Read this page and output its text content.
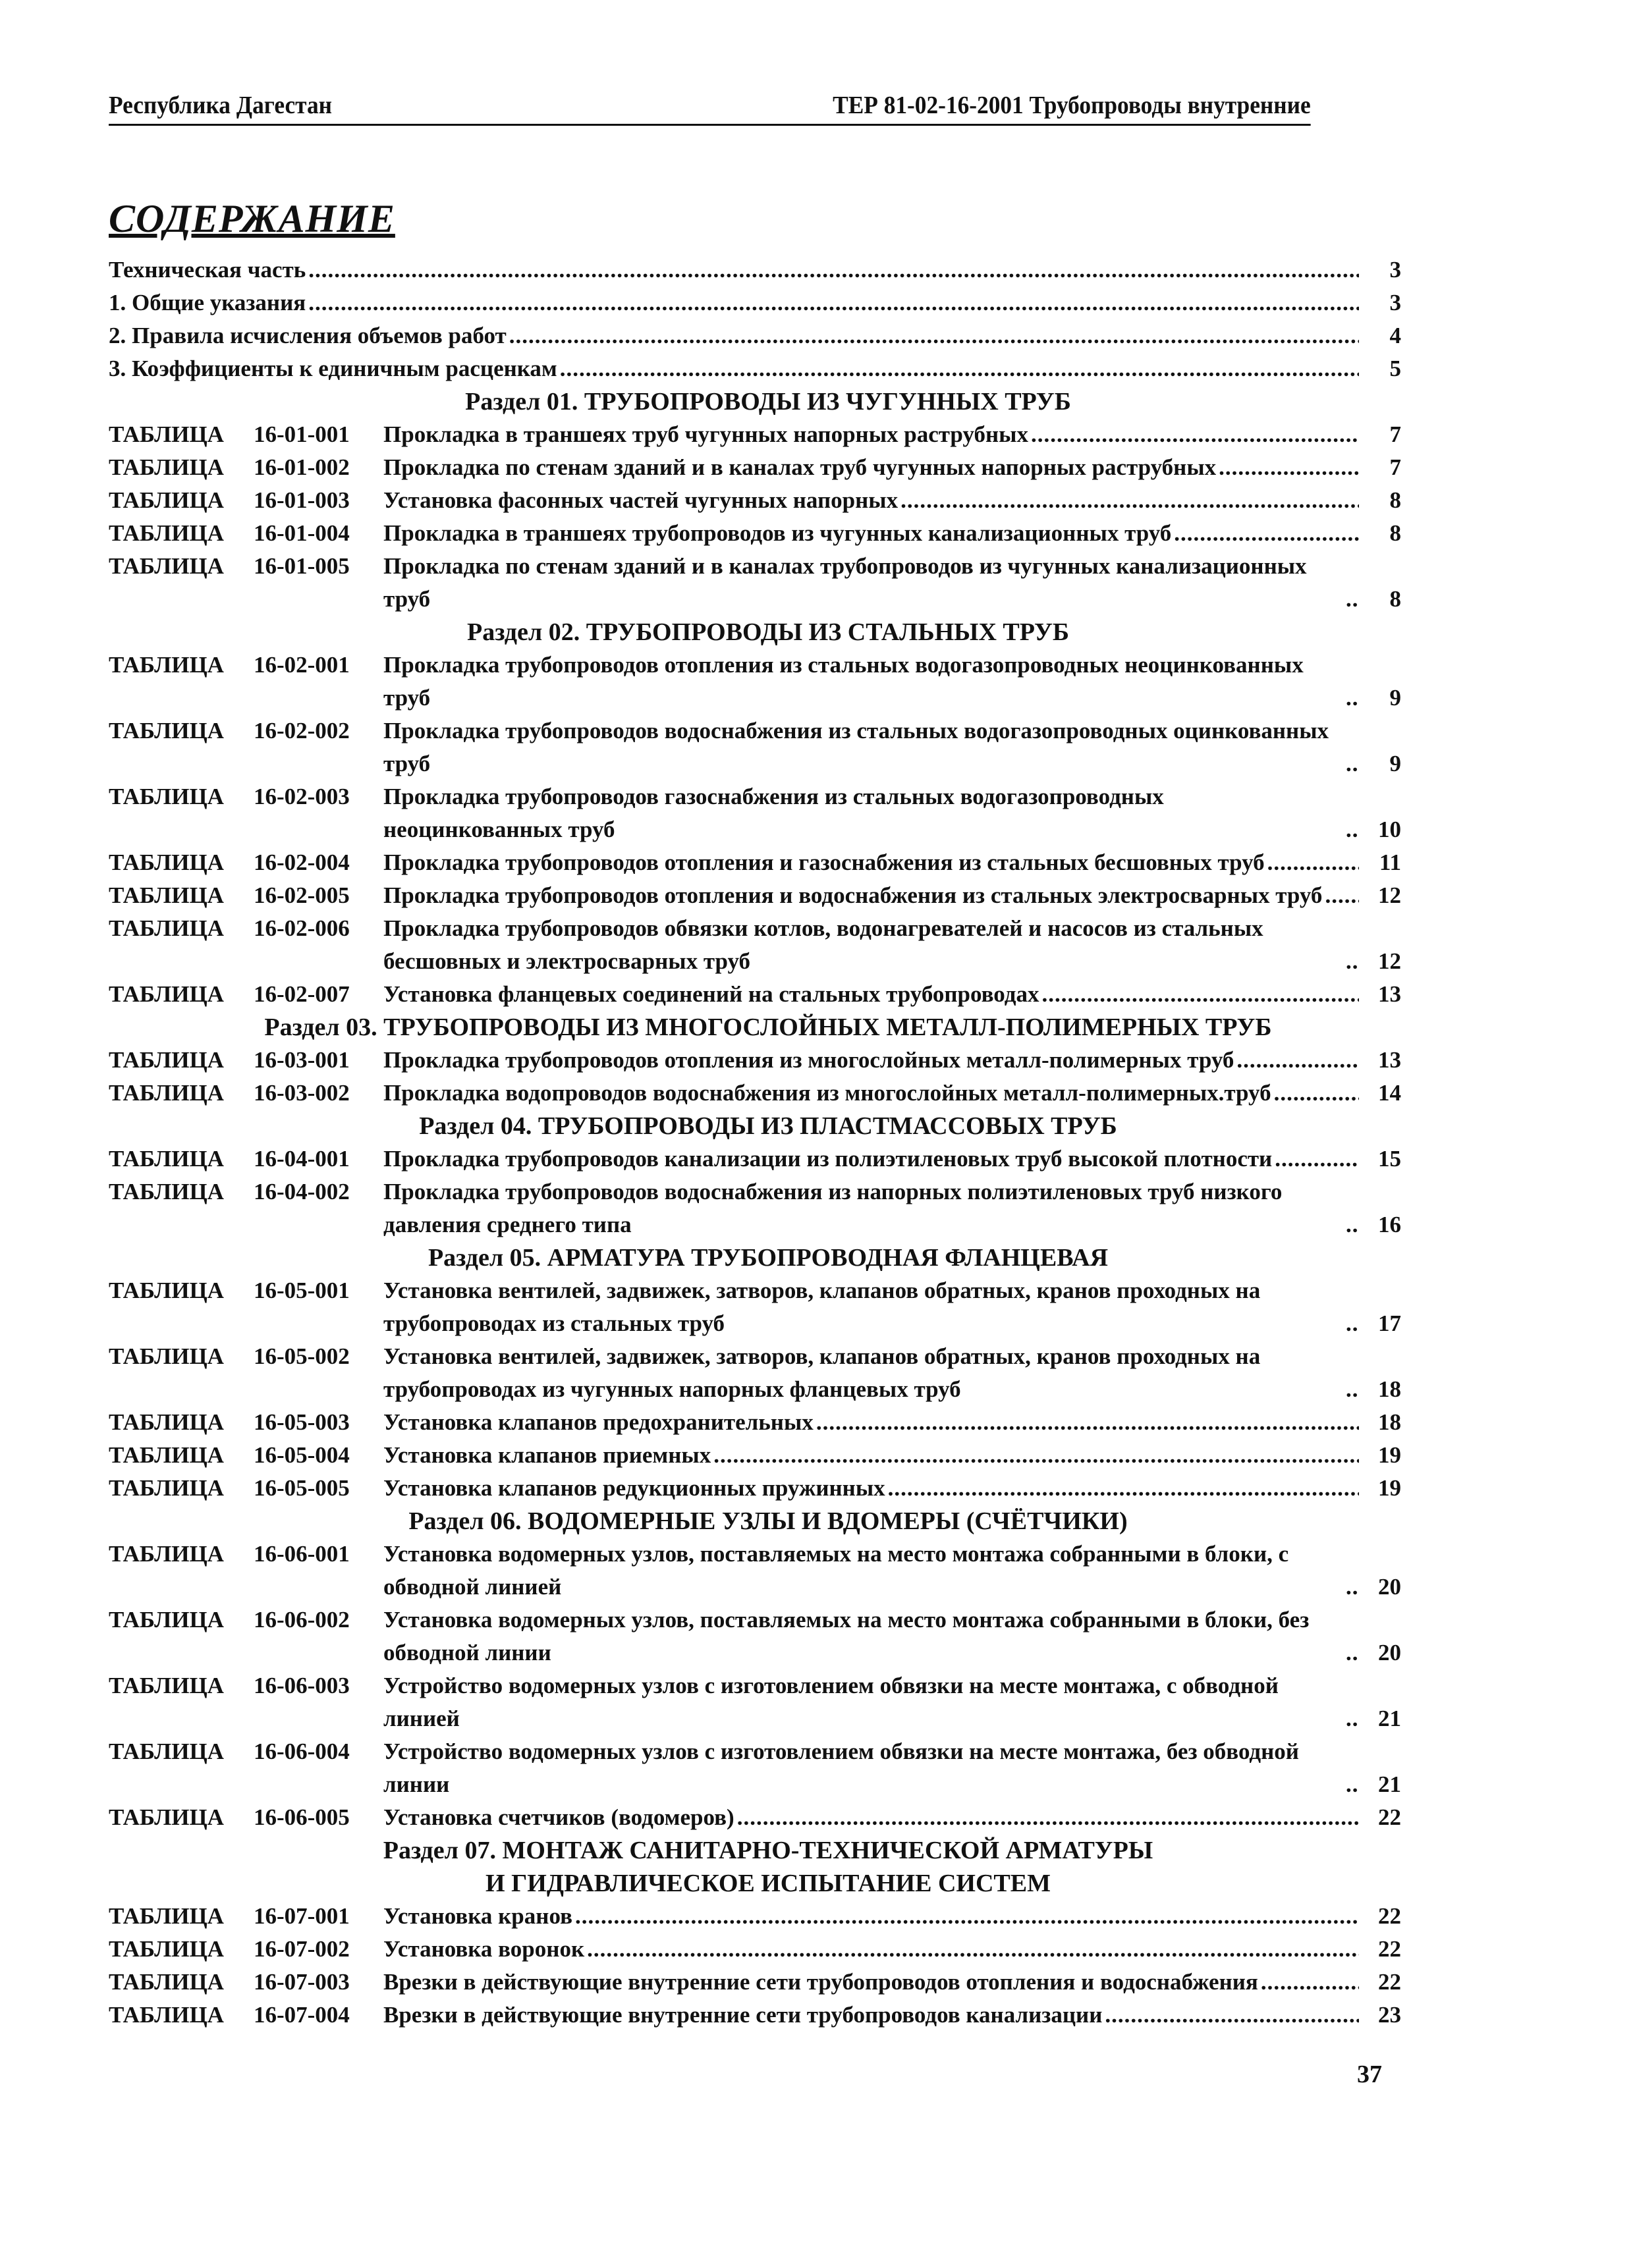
Республика Дагестан	ТЕР 81-02-16-2001 Трубопроводы внутренние
СОДЕРЖАНИЕ
Техническая часть .....	3
1. Общие указания .....	3
2. Правила исчисления объемов работ .....	4
3. Коэффициенты к единичным расценкам .....	5
Раздел 01. ТРУБОПРОВОДЫ ИЗ ЧУГУННЫХ ТРУБ
ТАБЛИЦА	16-01-001	Прокладка в траншеях труб чугунных напорных раструбных .....	7
ТАБЛИЦА	16-01-002	Прокладка по стенам зданий и в каналах труб чугунных напорных раструбных .....	7
ТАБЛИЦА	16-01-003	Установка фасонных частей чугунных напорных .....	8
ТАБЛИЦА	16-01-004	Прокладка в траншеях трубопроводов из чугунных канализационных труб .....	8
ТАБЛИЦА	16-01-005	Прокладка по стенам зданий и в каналах трубопроводов из чугунных канализационных труб .....	8
Раздел 02. ТРУБОПРОВОДЫ ИЗ СТАЛЬНЫХ ТРУБ
ТАБЛИЦА	16-02-001	Прокладка трубопроводов отопления из стальных водогазопроводных неоцинкованных труб .....	9
ТАБЛИЦА	16-02-002	Прокладка трубопроводов водоснабжения из стальных водогазопроводных оцинкованных труб .....	9
ТАБЛИЦА	16-02-003	Прокладка трубопроводов газоснабжения из стальных водогазопроводных неоцинкованных труб .....	10
ТАБЛИЦА	16-02-004	Прокладка трубопроводов отопления и газоснабжения из стальных бесшовных труб .....	11
ТАБЛИЦА	16-02-005	Прокладка трубопроводов отопления и водоснабжения из стальных электросварных труб .....	12
ТАБЛИЦА	16-02-006	Прокладка трубопроводов обвязки котлов, водонагревателей и насосов из стальных бесшовных и электросварных труб .....	12
ТАБЛИЦА	16-02-007	Установка фланцевых соединений на стальных трубопроводах .....	13
Раздел 03. ТРУБОПРОВОДЫ ИЗ МНОГОСЛОЙНЫХ МЕТАЛЛ-ПОЛИМЕРНЫХ ТРУБ
ТАБЛИЦА	16-03-001	Прокладка трубопроводов отопления из многослойных металл-полимерных труб .....	13
ТАБЛИЦА	16-03-002	Прокладка водопроводов водоснабжения из многослойных металл-полимерных.труб .....	14
Раздел 04. ТРУБОПРОВОДЫ ИЗ ПЛАСТМАССОВЫХ ТРУБ
ТАБЛИЦА	16-04-001	Прокладка трубопроводов канализации из полиэтиленовых труб высокой плотности .....	15
ТАБЛИЦА	16-04-002	Прокладка трубопроводов водоснабжения из напорных полиэтиленовых труб низкого давления среднего типа .....	16
Раздел 05. АРМАТУРА ТРУБОПРОВОДНАЯ ФЛАНЦЕВАЯ
ТАБЛИЦА	16-05-001	Установка вентилей, задвижек, затворов, клапанов обратных, кранов проходных на трубопроводах из стальных труб .....	17
ТАБЛИЦА	16-05-002	Установка вентилей, задвижек, затворов, клапанов обратных, кранов проходных на трубопроводах из чугунных напорных фланцевых труб .....	18
ТАБЛИЦА	16-05-003	Установка клапанов предохранительных .....	18
ТАБЛИЦА	16-05-004	Установка клапанов приемных .....	19
ТАБЛИЦА	16-05-005	Установка клапанов редукционных пружинных .....	19
Раздел 06. ВОДОМЕРНЫЕ УЗЛЫ И ВДОМЕРЫ (СЧЁТЧИКИ)
ТАБЛИЦА	16-06-001	Установка водомерных узлов, поставляемых на место монтажа собранными в блоки, с обводной линией .....	20
ТАБЛИЦА	16-06-002	Установка водомерных узлов, поставляемых на место монтажа собранными в блоки, без обводной линии .....	20
ТАБЛИЦА	16-06-003	Устройство водомерных узлов с изготовлением обвязки на месте монтажа, с обводной линией .....	21
ТАБЛИЦА	16-06-004	Устройство водомерных узлов с изготовлением обвязки на месте монтажа, без обводной линии .....	21
ТАБЛИЦА	16-06-005	Установка счетчиков (водомеров) .....	22
Раздел 07. МОНТАЖ САНИТАРНО-ТЕХНИЧЕСКОЙ АРМАТУРЫ
И ГИДРАВЛИЧЕСКОЕ ИСПЫТАНИЕ СИСТЕМ
ТАБЛИЦА	16-07-001	Установка кранов .....	22
ТАБЛИЦА	16-07-002	Установка воронок .....	22
ТАБЛИЦА	16-07-003	Врезки в действующие внутренние сети трубопроводов отопления и водоснабжения .....	22
ТАБЛИЦА	16-07-004	Врезки в действующие внутренние сети трубопроводов канализации .....	23
37
